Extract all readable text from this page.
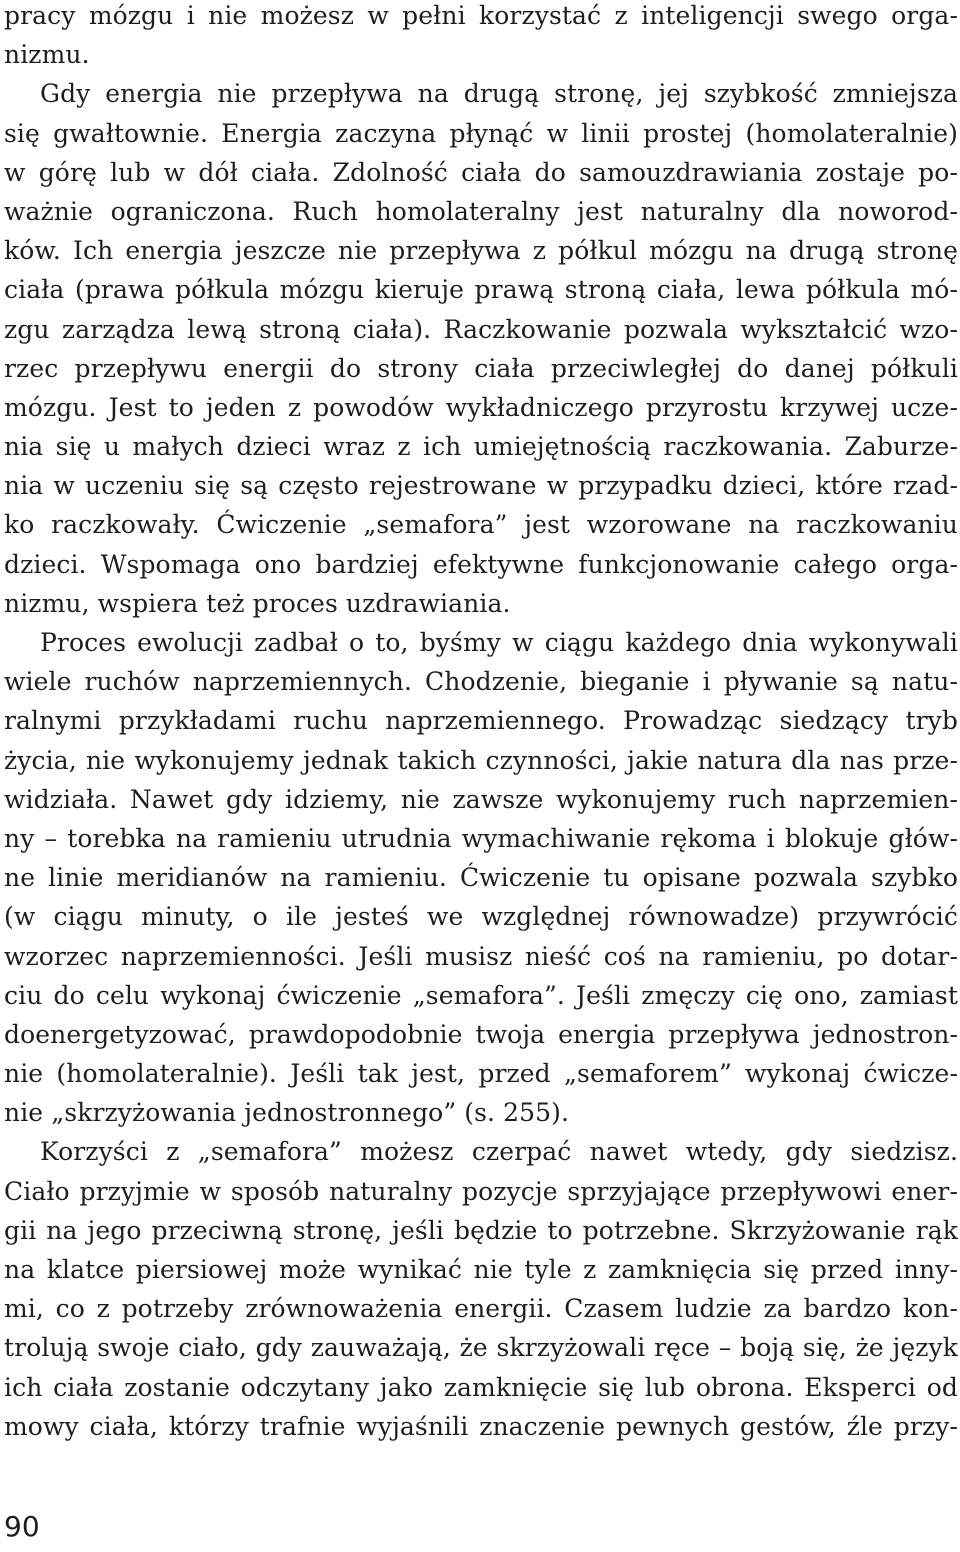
pracy mózgu i nie możesz w pełni korzystać z inteligencji swego orga-
nizmu.
Gdy energia nie przepływa na drugą stronę, jej szybkość zmniejsza
się gwałtownie. Energia zaczyna płynąć w linii prostej (homolateralnie)
w górę lub w dół ciała. Zdolność ciała do samouzdrawiania zostaje po-
ważnie ograniczona. Ruch homolateralny jest naturalny dla noworod-
ków. Ich energia jeszcze nie przepływa z półkul mózgu na drugą stronę
ciała (prawa półkula mózgu kieruje prawą stroną ciała, lewa półkula mó-
zgu zarządza lewą stroną ciała). Raczkowanie pozwala wykształcić wzo-
rzec przepływu energii do strony ciała przeciwległej do danej półkuli
mózgu. Jest to jeden z powodów wykładniczego przyrostu krzywej ucze-
nia się u małych dzieci wraz z ich umiejętnością raczkowania. Zaburze-
nia w uczeniu się są często rejestrowane w przypadku dzieci, które rzad-
ko raczkowały. Ćwiczenie „semafora” jest wzorowane na raczkowaniu
dzieci. Wspomaga ono bardziej efektywne funkcjonowanie całego orga-
nizmu, wspiera też proces uzdrawiania.
Proces ewolucji zadbał o to, byśmy w ciągu każdego dnia wykonywali
wiele ruchów naprzemiennych. Chodzenie, bieganie i pływanie są natu-
ralnymi przykładami ruchu naprzemiennego. Prowadząc siedzący tryb
życia, nie wykonujemy jednak takich czynności, jakie natura dla nas prze-
widziała. Nawet gdy idziemy, nie zawsze wykonujemy ruch naprzemien-
ny – torebka na ramieniu utrudnia wymachiwanie rękoma i blokuje głów-
ne linie meridianów na ramieniu. Ćwiczenie tu opisane pozwala szybko
(w ciągu minuty, o ile jesteś we względnej równowadze) przywrócić
wzorzec naprzemienności. Jeśli musisz nieść coś na ramieniu, po dotar-
ciu do celu wykonaj ćwiczenie „semafora”. Jeśli zmęczy cię ono, zamiast
doenergetyzować, prawdopodobnie twoja energia przepływa jednostron-
nie (homolateralnie). Jeśli tak jest, przed „semaforem” wykonaj ćwicze-
nie „skrzyżowania jednostronnego” (s. 255).
Korzyści z „semafora” możesz czerpać nawet wtedy, gdy siedzisz.
Ciało przyjmie w sposób naturalny pozycje sprzyjające przepływowi ener-
gii na jego przeciwną stronę, jeśli będzie to potrzebne. Skrzyżowanie rąk
na klatce piersiowej może wynikać nie tyle z zamknięcia się przed inny-
mi, co z potrzeby zrównoważenia energii. Czasem ludzie za bardzo kon-
trolują swoje ciało, gdy zauważają, że skrzyżowali ręce – boją się, że język
ich ciała zostanie odczytany jako zamknięcie się lub obrona. Eksperci od
mowy ciała, którzy trafnie wyjaśnili znaczenie pewnych gestów, źle przy-
90
